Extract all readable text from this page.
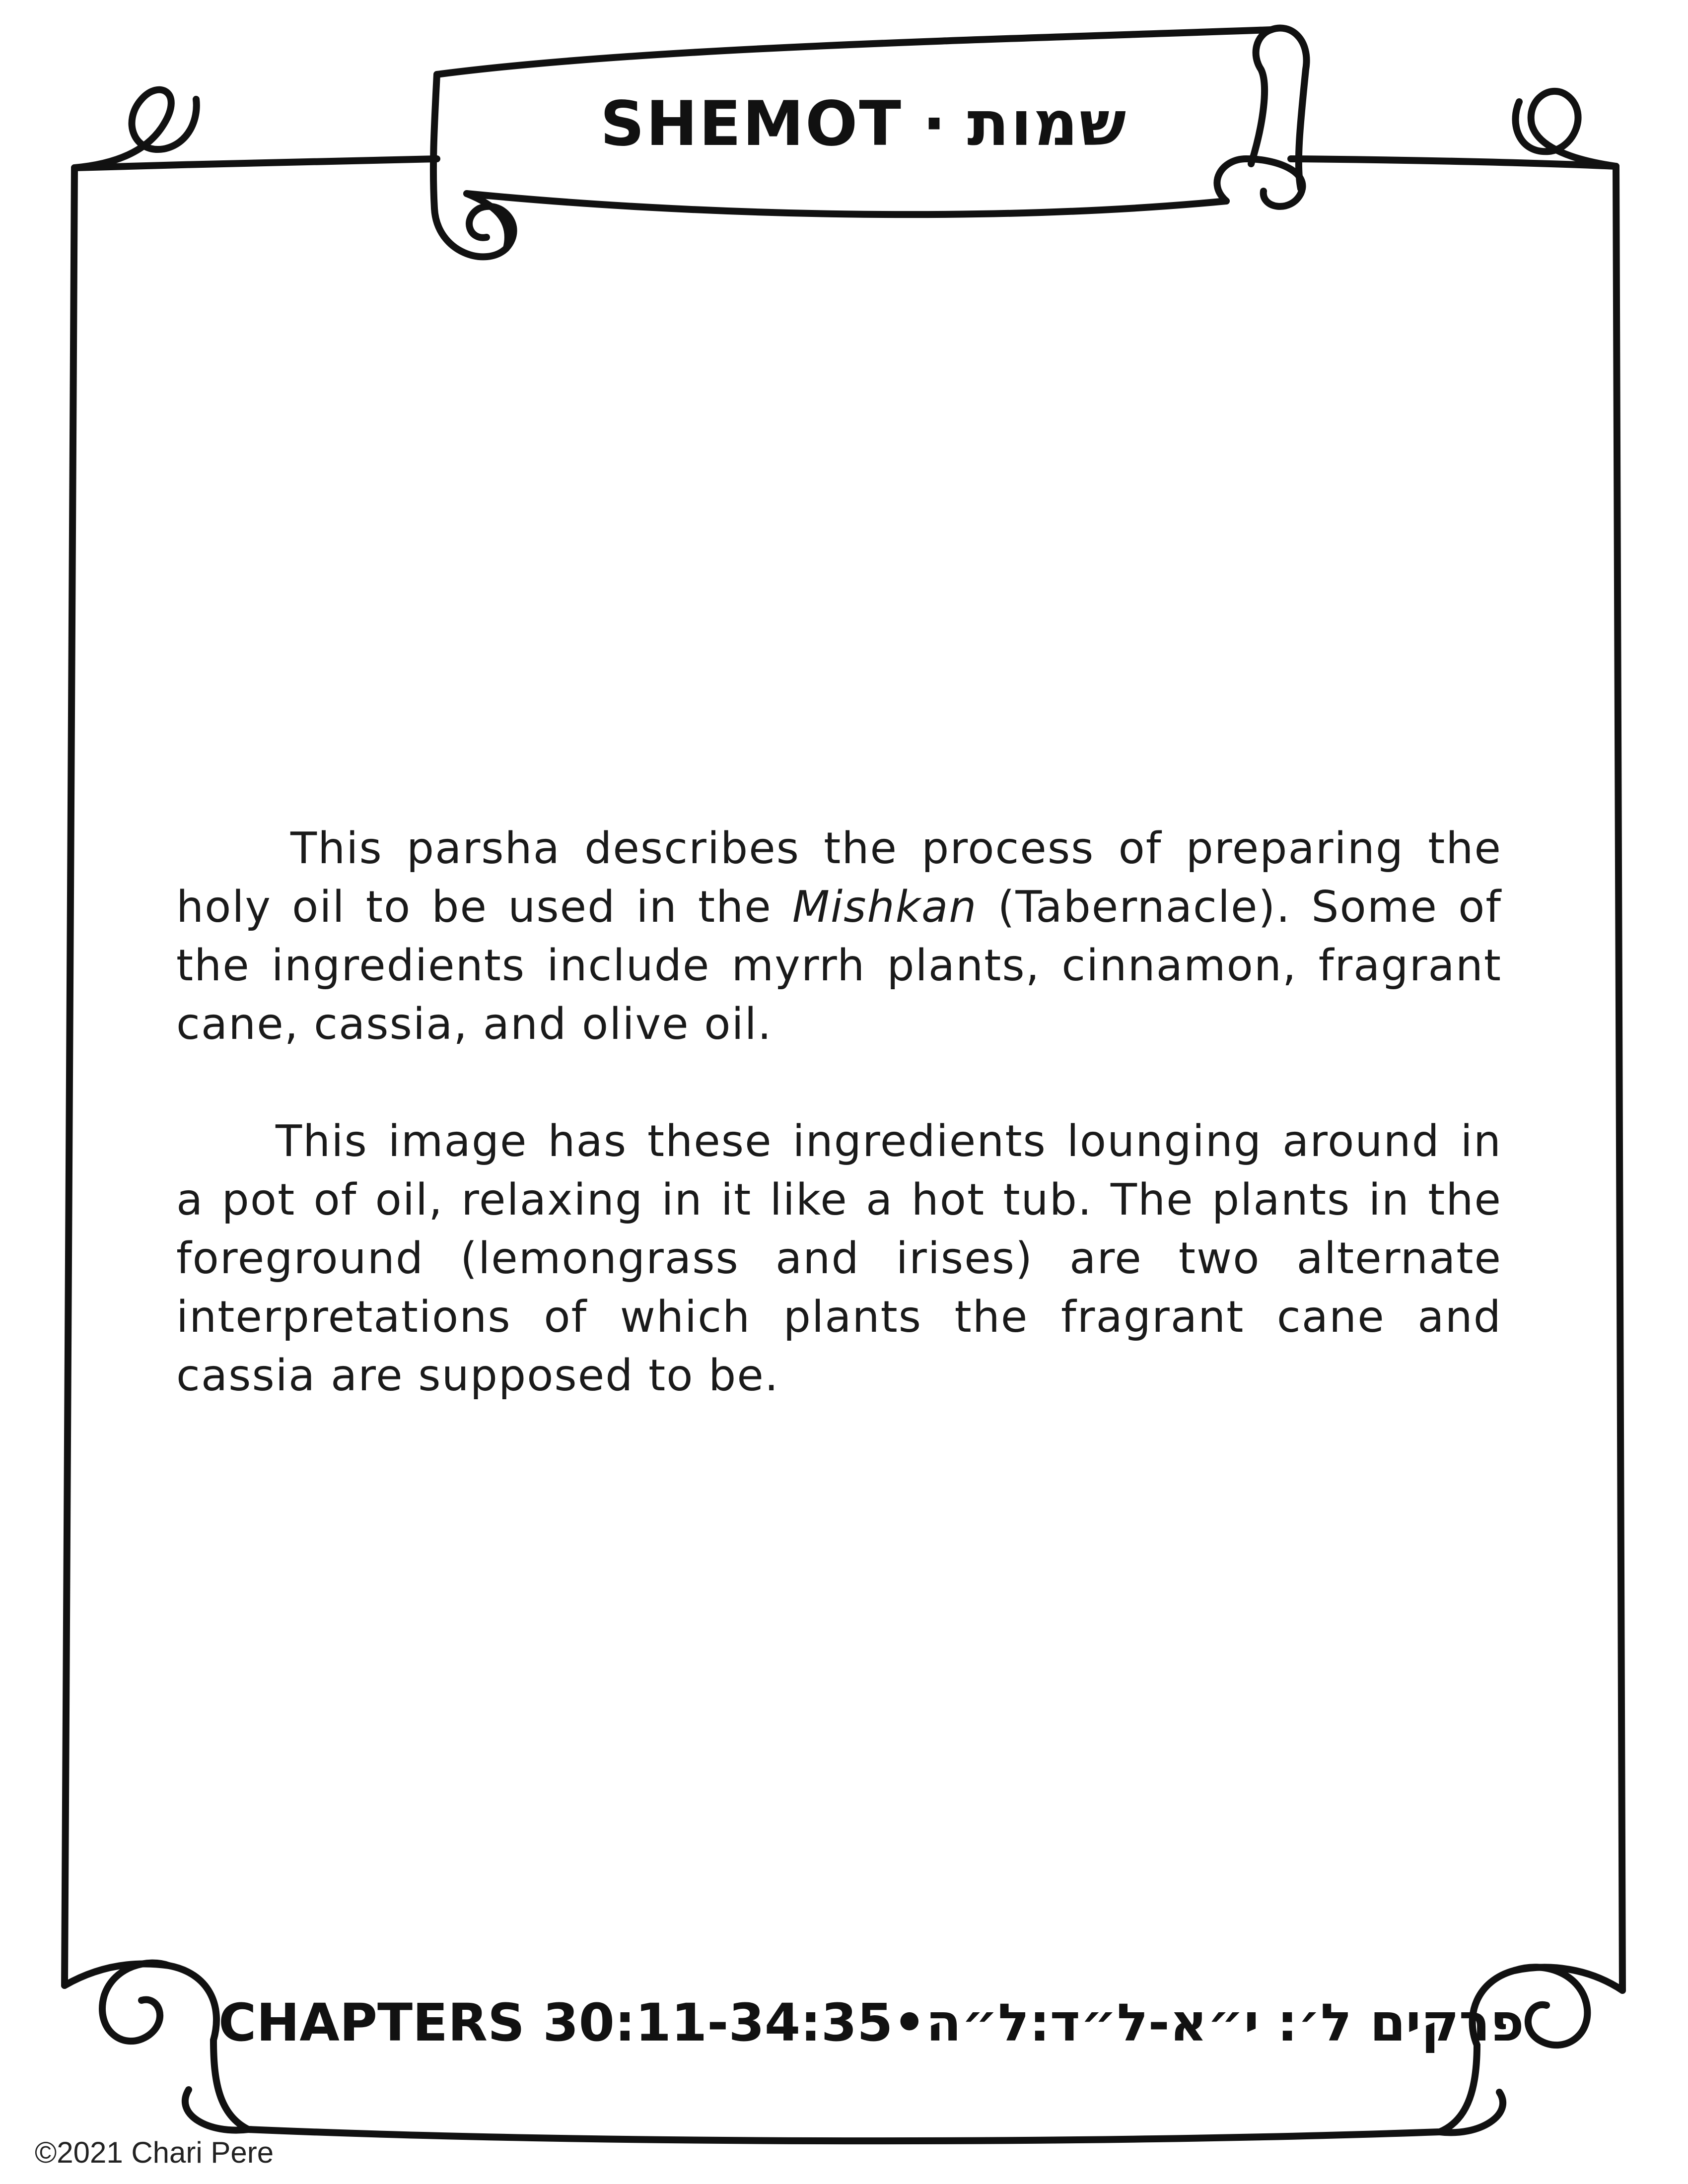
SHEMOT · שמות

This parsha describes the process of preparing the holy oil to be used in the Mishkan (Tabernacle). Some of the ingredients include myrrh plants, cinnamon, fragrant cane, cassia, and olive oil.

This image has these ingredients lounging around in a pot of oil, relaxing in it like a hot tub. The plants in the foreground (lemongrass and irises) are two alternate interpretations of which plants the fragrant cane and cassia are supposed to be.

CHAPTERS 30:11-34:35• פרקים ל׳: י״א-ל״ד:ל״ה
©2021 Chari Pere
